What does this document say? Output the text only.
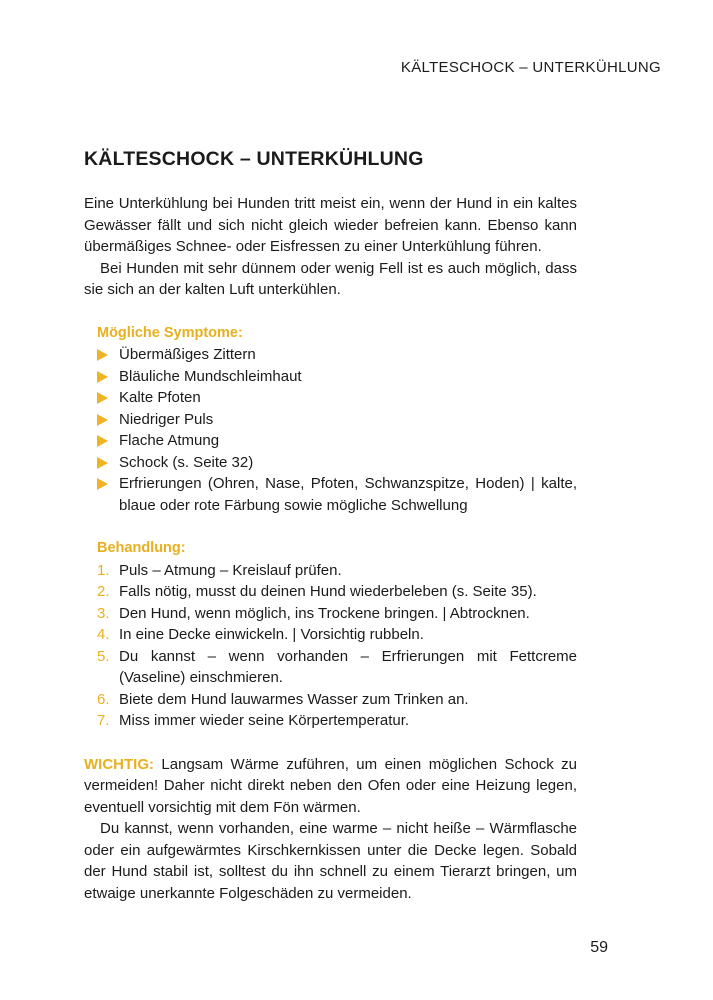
KÄLTESCHOCK – UNTERKÜHLUNG
KÄLTESCHOCK – UNTERKÜHLUNG

Eine Unterkühlung bei Hunden tritt meist ein, wenn der Hund in ein kaltes Gewässer fällt und sich nicht gleich wieder befreien kann. Ebenso kann übermäßiges Schnee- oder Eisfressen zu einer Unterkühlung führen.

Bei Hunden mit sehr dünnem oder wenig Fell ist es auch möglich, dass sie sich an der kalten Luft unterkühlen.

Mögliche Symptome:
Übermäßiges Zittern
Bläuliche Mundschleimhaut
Kalte Pfoten
Niedriger Puls
Flache Atmung
Schock (s. Seite 32)
Erfrierungen (Ohren, Nase, Pfoten, Schwanzspitze, Hoden) | kalte, blaue oder rote Färbung sowie mögliche Schwellung
Behandlung:
1. Puls – Atmung – Kreislauf prüfen.
2. Falls nötig, musst du deinen Hund wiederbeleben (s. Seite 35).
3. Den Hund, wenn möglich, ins Trockene bringen. | Abtrocknen.
4. In eine Decke einwickeln. | Vorsichtig rubbeln.
5. Du kannst – wenn vorhanden – Erfrierungen mit Fettcreme (Vaseline) einschmieren.
6. Biete dem Hund lauwarmes Wasser zum Trinken an.
7. Miss immer wieder seine Körpertemperatur.

WICHTIG: Langsam Wärme zuführen, um einen möglichen Schock zu vermeiden! Daher nicht direkt neben den Ofen oder eine Heizung legen, eventuell vorsichtig mit dem Fön wärmen.

Du kannst, wenn vorhanden, eine warme – nicht heiße – Wärmflasche oder ein aufgewärmtes Kirschkernkissen unter die Decke legen. Sobald der Hund stabil ist, solltest du ihn schnell zu einem Tierarzt bringen, um etwaige unerkannte Folgeschäden zu vermeiden.

59
